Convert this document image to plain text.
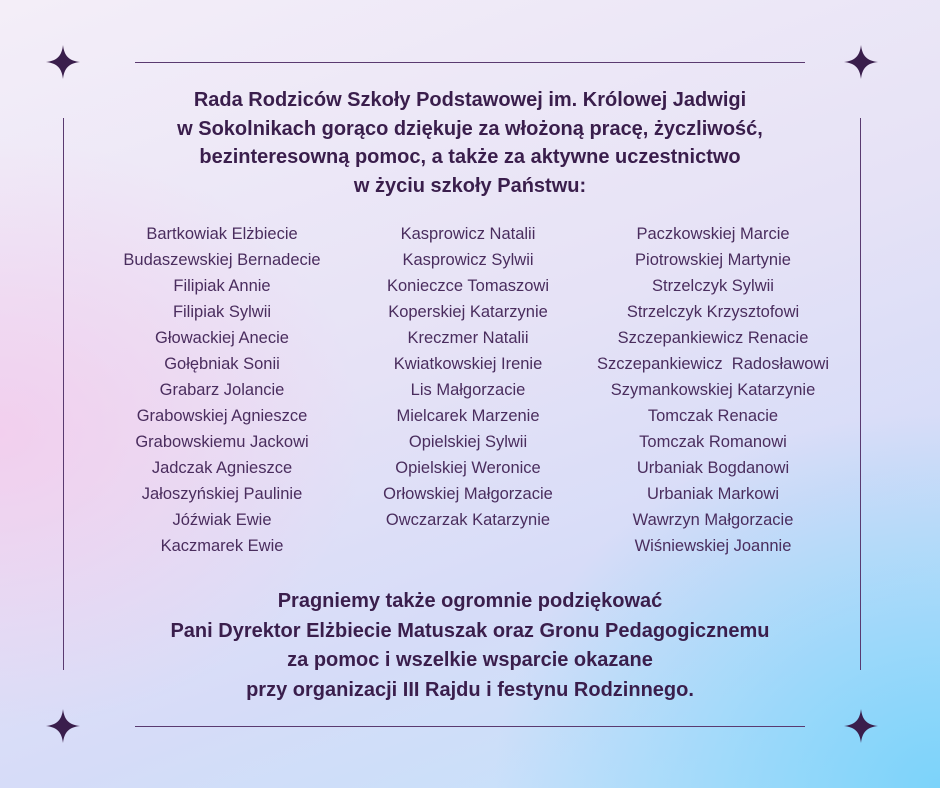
Rada Rodziców Szkoły Podstawowej im. Królowej Jadwigi
w Sokolnikach gorąco dziękuje za włożoną pracę, życzliwość,
bezinteresowną pomoc, a także za aktywne uczestnictwo
w życiu szkoły Państwu:
Bartkowiak Elżbiecie
Budaszewskiej Bernadecie
Filipiak Annie
Filipiak Sylwii
Głowackiej Anecie
Gołębniak Sonii
Grabarz Jolancie
Grabowskiej Agnieszce
Grabowskiemu Jackowi
Jadczak Agnieszce
Jałoszyńskiej Paulinie
Jóźwiak Ewie
Kaczmarek Ewie
Kasprowicz Natalii
Kasprowicz Sylwii
Konieczce Tomaszowi
Koperskiej Katarzynie
Kreczmer Natalii
Kwiatkowskiej Irenie
Lis Małgorzacie
Mielcarek Marzenie
Opielskiej Sylwii
Opielskiej Weronice
Orłowskiej Małgorzacie
Owczarzak Katarzynie
Paczkowskiej Marcie
Piotrowskiej Martynie
Strzelczyk Sylwii
Strzelczyk Krzysztofowi
Szczepankiewicz Renacie
Szczepankiewicz  Radosławowi
Szymankowskiej Katarzynie
Tomczak Renacie
Tomczak Romanowi
Urbaniak Bogdanowi
Urbaniak Markowi
Wawrzyn Małgorzacie
Wiśniewskiej Joannie
Pragniemy także ogromnie podziękować
Pani Dyrektor Elżbiecie Matuszak oraz Gronu Pedagogicznemu
za pomoc i wszelkie wsparcie okazane
przy organizacji III Rajdu i festynu Rodzinnego.
